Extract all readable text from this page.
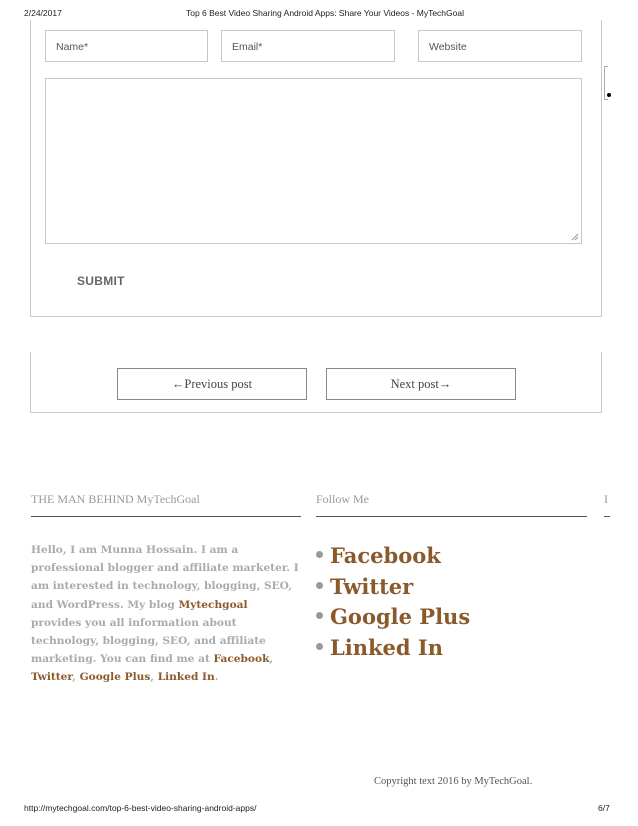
2/24/2017	Top 6 Best Video Sharing Android Apps: Share Your Videos - MyTechGoal
Name*	Email*	Website
SUBMIT
←Previous post	Next post→
THE MAN BEHIND MyTechGoal	Follow Me	I
Hello, I am Munna Hossain. I am a professional blogger and affiliate marketer. I am interested in technology, blogging, SEO, and WordPress. My blog Mytechgoal provides you all information about technology, blogging, SEO, and affiliate marketing. You can find me at Facebook, Twitter, Google Plus, Linked In.
Facebook
Twitter
Google Plus
Linked In
Copyright text 2016 by MyTechGoal.
http://mytechgoal.com/top-6-best-video-sharing-android-apps/	6/7
